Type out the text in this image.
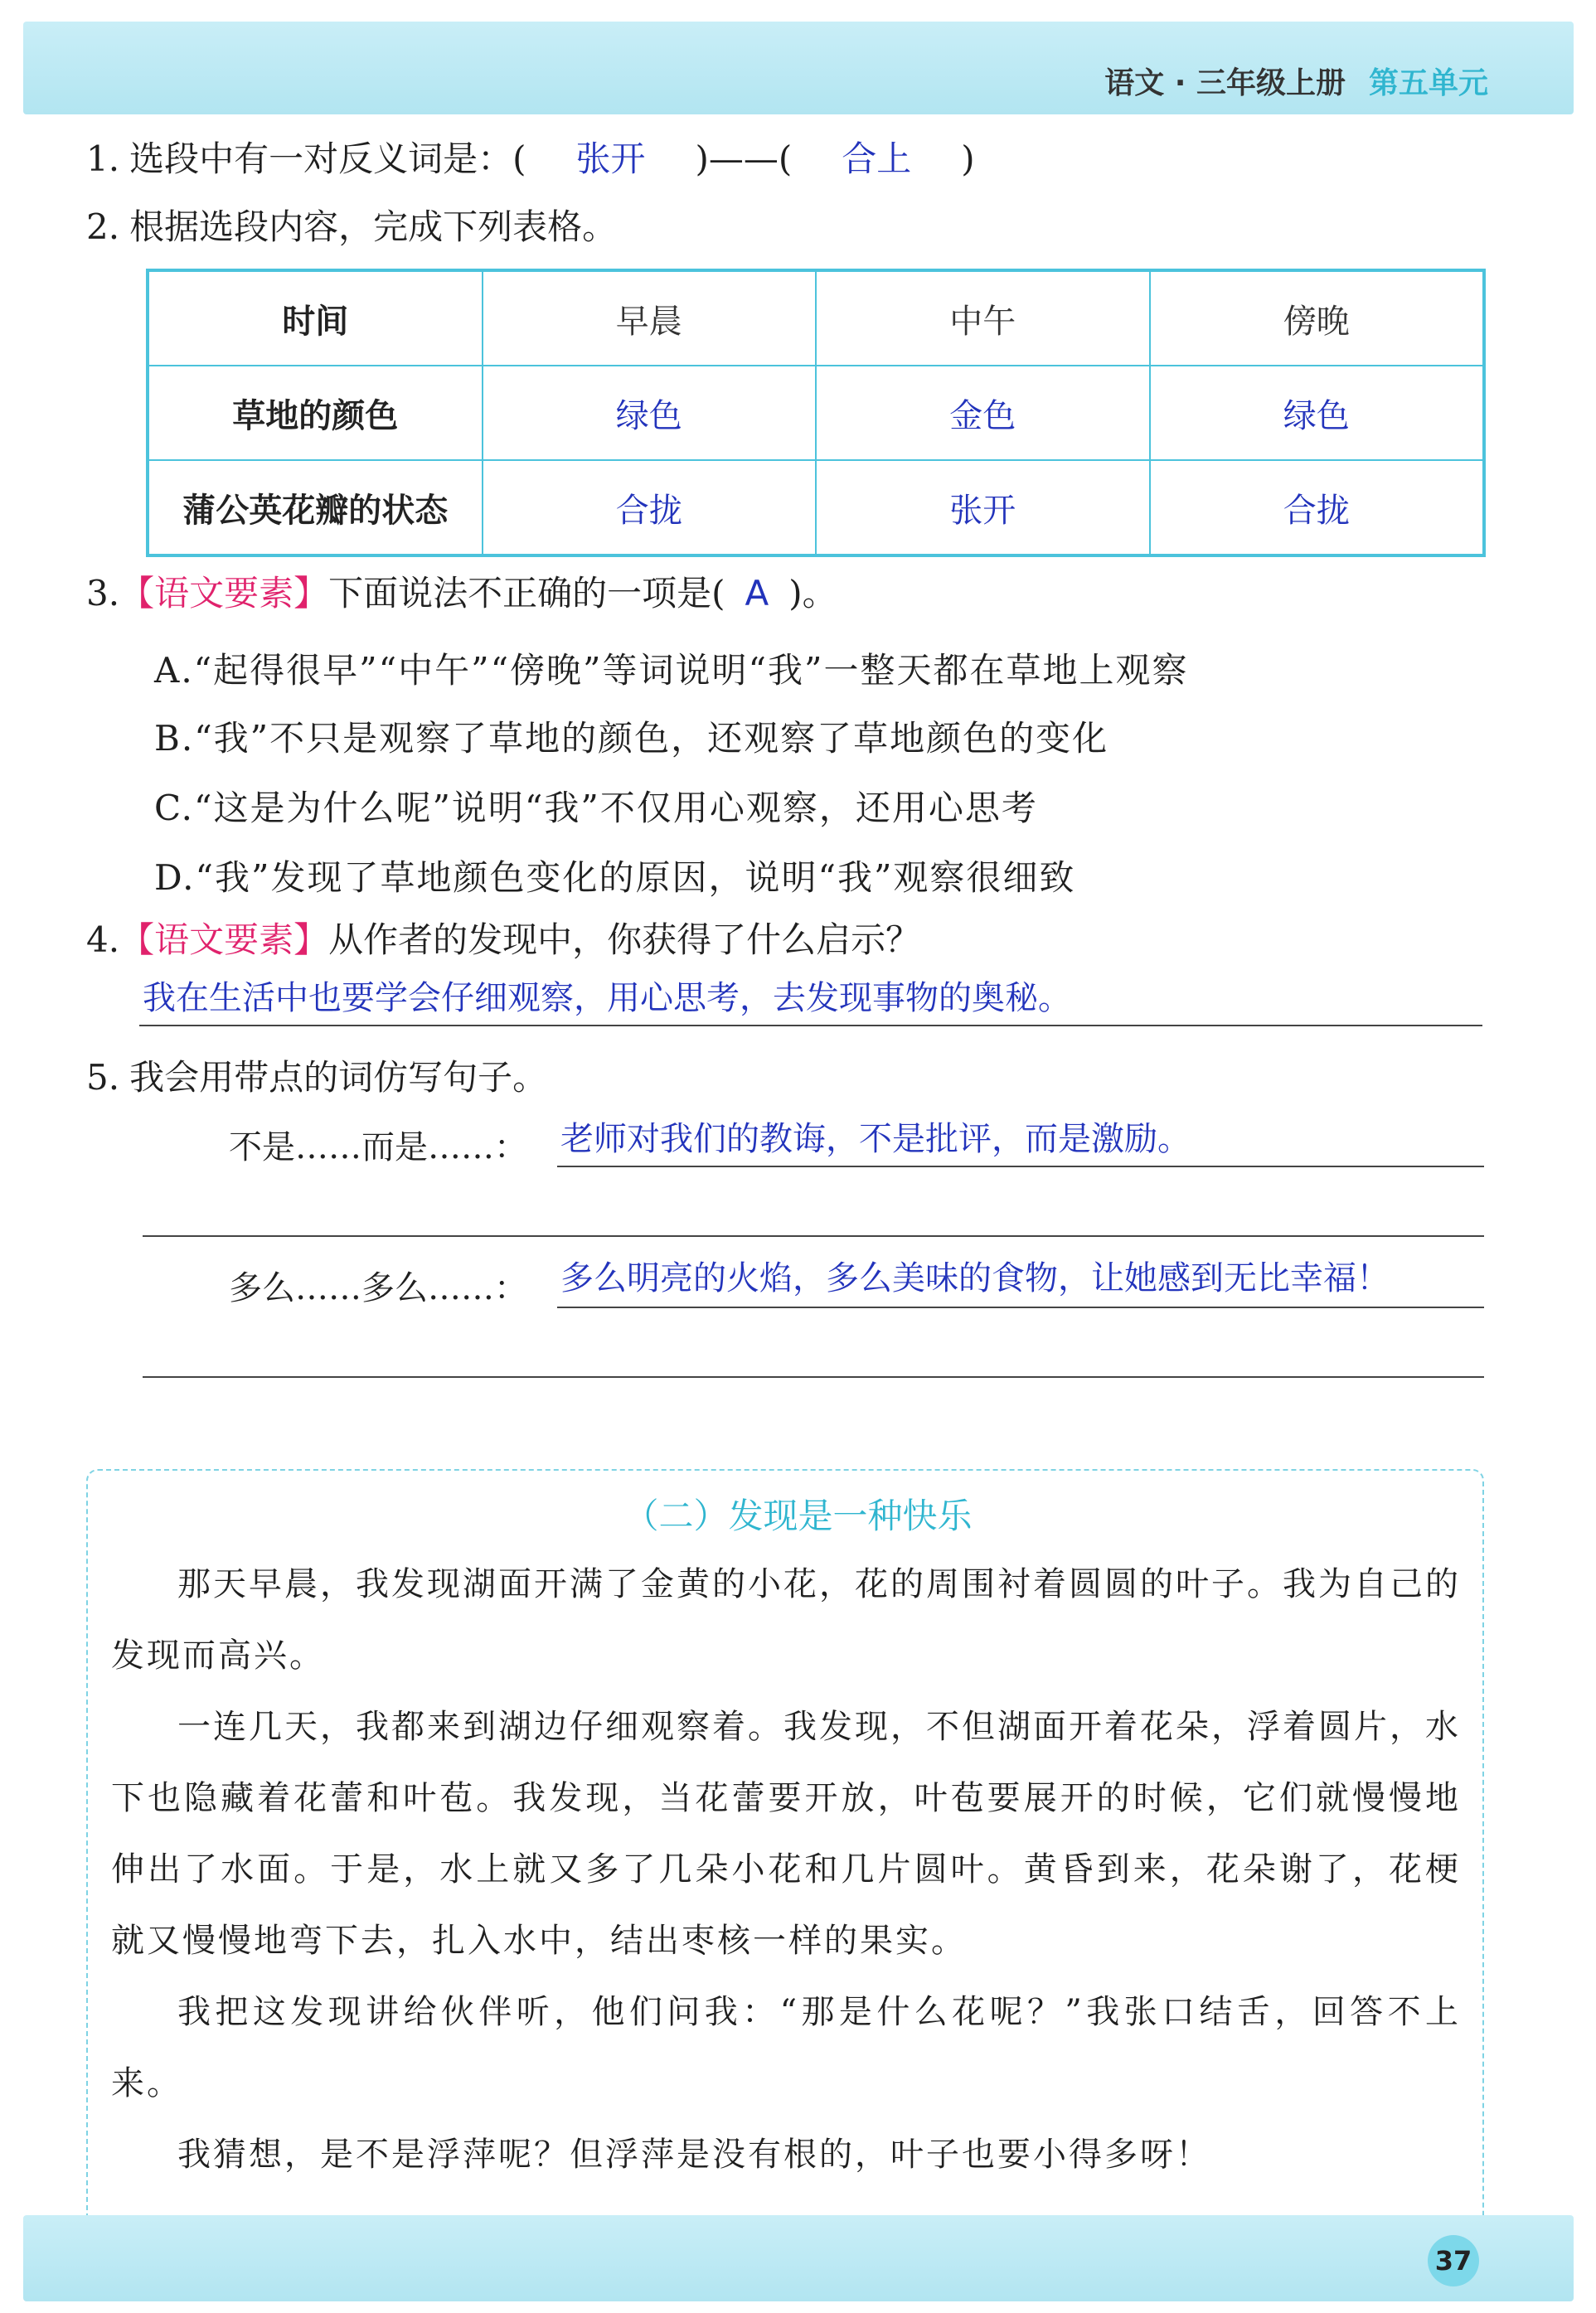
语文 · 三年级上册 第五单元
1. 选段中有一对反义词是：( 张开 )——( 合上 )
2. 根据选段内容，完成下列表格。
时间	早晨	中午	傍晚
草地的颜色	绿色	金色	绿色
蒲公英花瓣的状态	合拢	张开	合拢
3.【语文要素】下面说法不正确的一项是( A )。
A.“起得很早”“中午”“傍晚”等词说明“我”一整天都在草地上观察
B.“我”不只是观察了草地的颜色，还观察了草地颜色的变化
C.“这是为什么呢”说明“我”不仅用心观察，还用心思考
D.“我”发现了草地颜色变化的原因，说明“我”观察很细致
4.【语文要素】从作者的发现中，你获得了什么启示？
我在生活中也要学会仔细观察，用心思考，去发现事物的奥秘。
5. 我会用带点的词仿写句子。
不是……而是……： 老师对我们的教诲，不是批评，而是激励。
多么……多么……： 多么明亮的火焰，多么美味的食物，让她感到无比幸福！
（二）发现是一种快乐

那天早晨，我发现湖面开满了金黄的小花，花的周围衬着圆圆的叶子。我为自己的发现而高兴。

一连几天，我都来到湖边仔细观察着。我发现，不但湖面开着花朵，浮着圆片，水下也隐藏着花蕾和叶苞。我发现，当花蕾要开放，叶苞要展开的时候，它们就慢慢地伸出了水面。于是，水上就又多了几朵小花和几片圆叶。黄昏到来，花朵谢了，花梗就又慢慢地弯下去，扎入水中，结出枣核一样的果实。

我把这发现讲给伙伴听，他们问我：“那是什么花呢？”我张口结舌，回答不上来。

我猜想，是不是浮萍呢？但浮萍是没有根的，叶子也要小得多呀！

37
